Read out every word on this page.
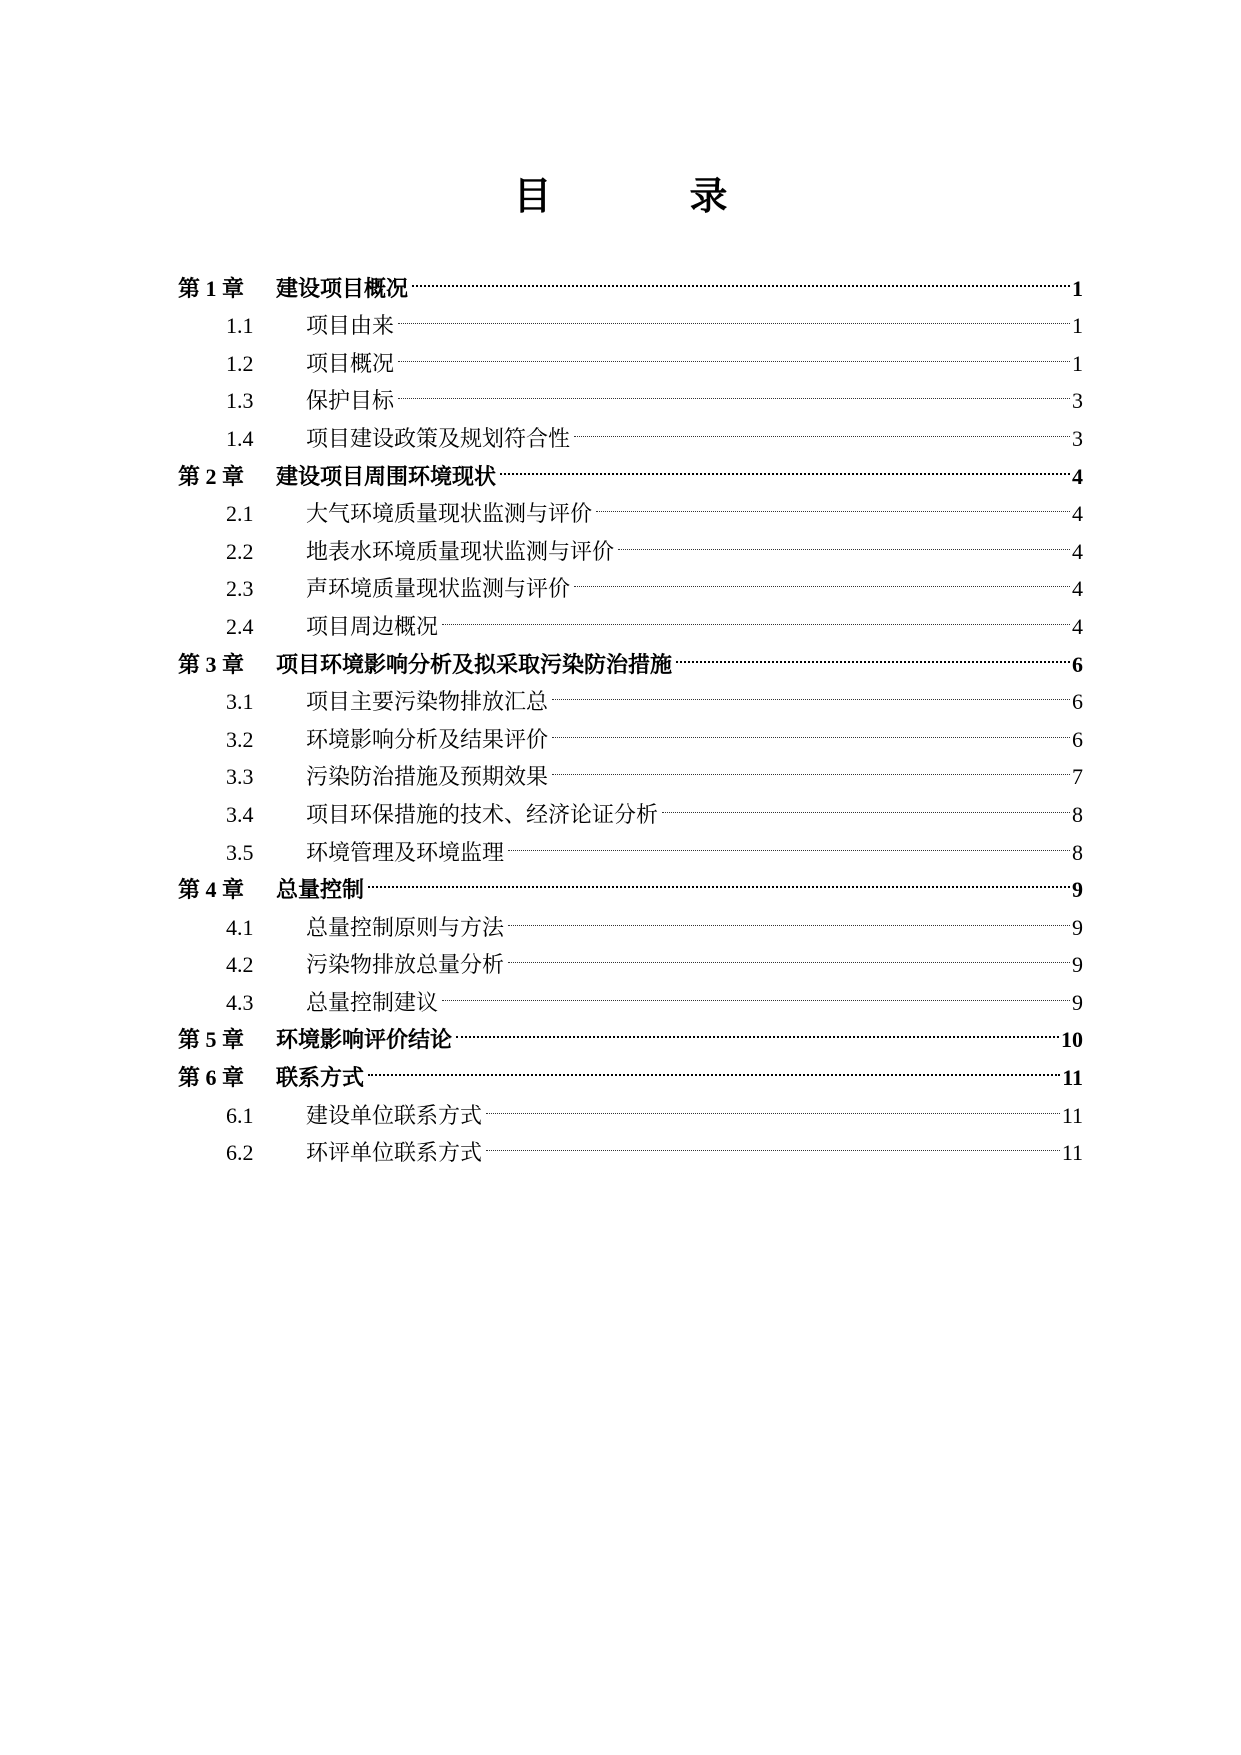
目　录
第 1 章	建设项目概况	1
1.1	项目由来	1
1.2	项目概况	1
1.3	保护目标	3
1.4	项目建设政策及规划符合性	3
第 2 章	建设项目周围环境现状	4
2.1	大气环境质量现状监测与评价	4
2.2	地表水环境质量现状监测与评价	4
2.3	声环境质量现状监测与评价	4
2.4	项目周边概况	4
第 3 章	项目环境影响分析及拟采取污染防治措施	6
3.1	项目主要污染物排放汇总	6
3.2	环境影响分析及结果评价	6
3.3	污染防治措施及预期效果	7
3.4	项目环保措施的技术、经济论证分析	8
3.5	环境管理及环境监理	8
第 4 章	总量控制	9
4.1	总量控制原则与方法	9
4.2	污染物排放总量分析	9
4.3	总量控制建议	9
第 5 章	环境影响评价结论	10
第 6 章	联系方式	11
6.1	建设单位联系方式	11
6.2	环评单位联系方式	11
